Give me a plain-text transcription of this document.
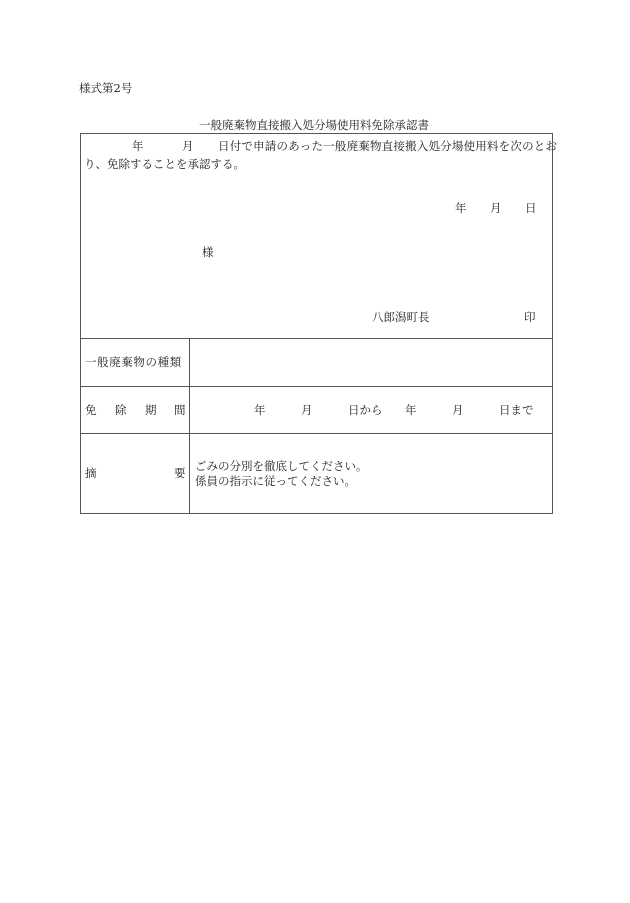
様式第2号
一般廃棄物直接搬入処分場使用料免除承認書
年	月 日付で申請のあった一般廃棄物直接搬入処分場使用料を次のとお
り、免除することを承認する。
年 月 日
様
八郎潟町長	印
一般廃棄物の種類
免 除 期 間	年	月	日から 年	月	日まで
摘	要 ごみの分別を徹底してください。
係員の指示に従ってください。
